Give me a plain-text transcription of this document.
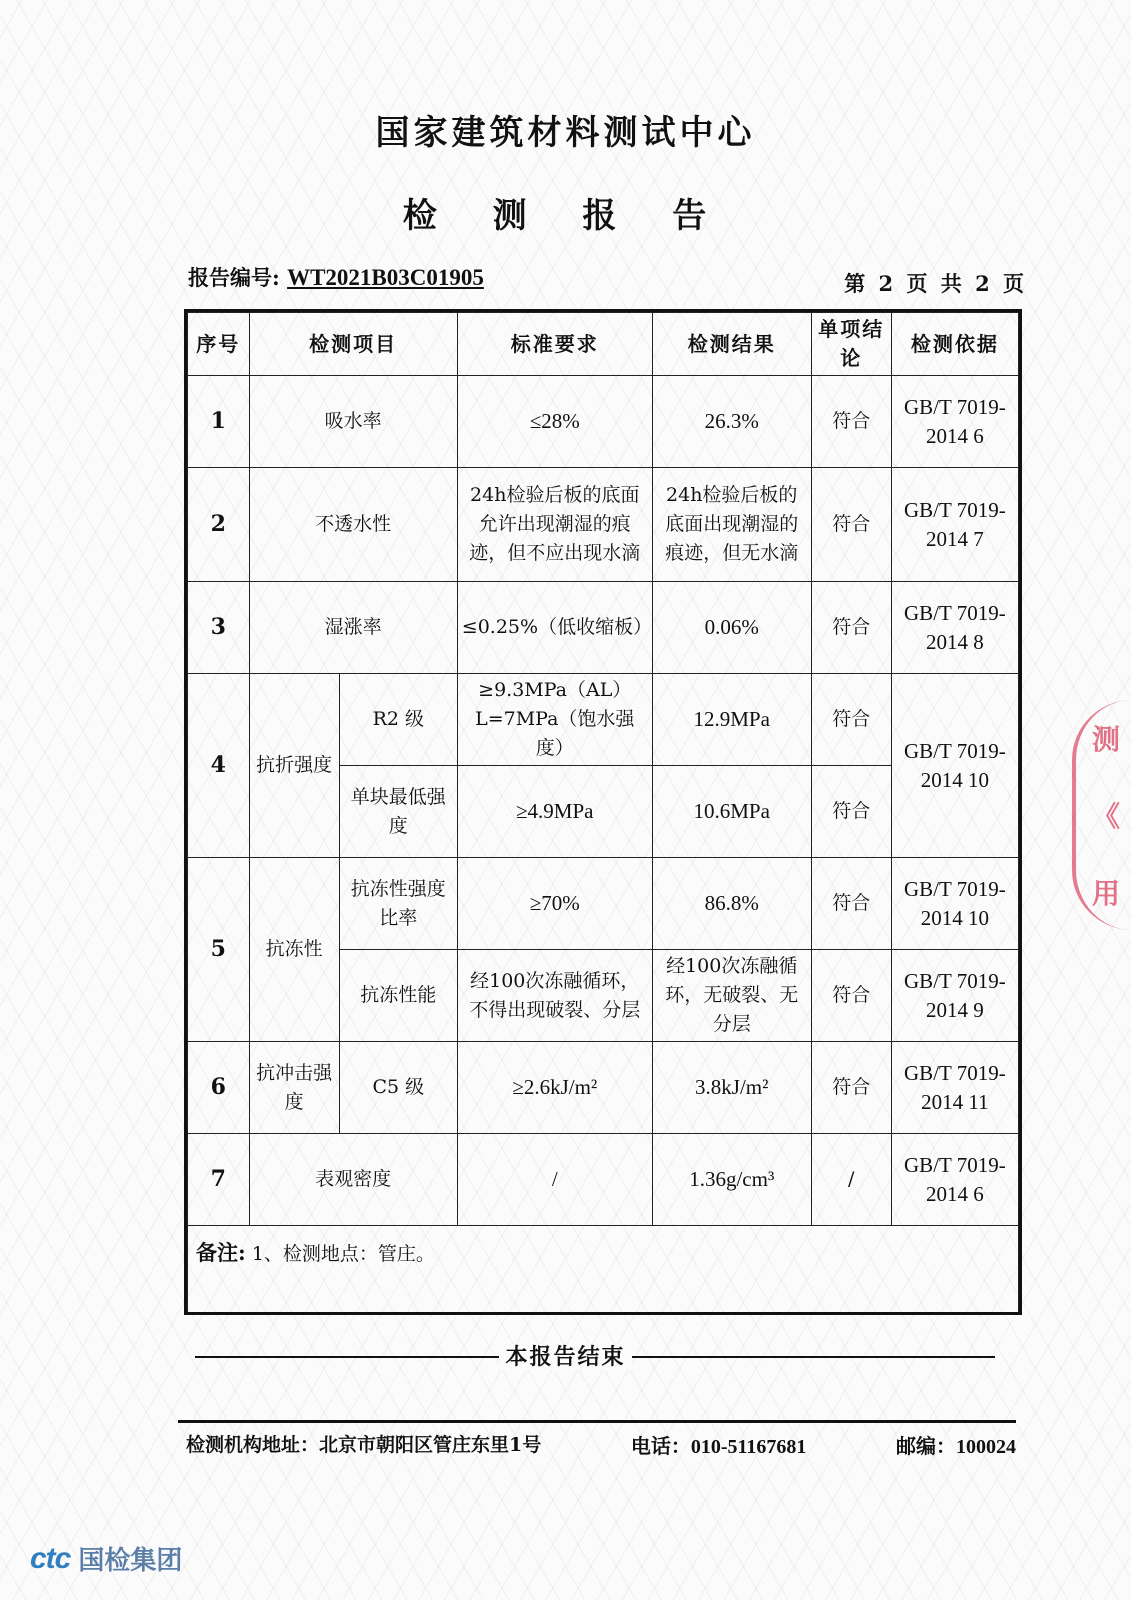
国家建筑材料测试中心
检 测 报 告
报告编号: WT2021B03C01905	第 2 页 共 2 页
序号	检测项目		标准要求	检测结果	单项结论	检测依据
1	吸水率		≤28%	26.3%	符合	GB/T 7019-2014 6
2	不透水性		24h检验后板的底面允许出现潮湿的痕迹，但不应出现水滴	24h检验后板的底面出现潮湿的痕迹，但无水滴	符合	GB/T 7019-2014 7
3	湿涨率		≤0.25%（低收缩板）	0.06%	符合	GB/T 7019-2014 8
4	抗折强度	R2 级	≥9.3MPa（AL）L=7MPa（饱水强度）	12.9MPa	符合	GB/T 7019-2014 10
		单块最低强度	≥4.9MPa	10.6MPa	符合	
5	抗冻性	抗冻性强度比率	≥70%	86.8%	符合	GB/T 7019-2014 10
		抗冻性能	经100次冻融循环，不得出现破裂、分层	经100次冻融循环，无破裂、无分层	符合	GB/T 7019-2014 9
6	抗冲击强度	C5 级	≥2.6kJ/m²	3.8kJ/m²	符合	GB/T 7019-2014 11
7	表观密度		/	1.36g/cm³	/	GB/T 7019-2014 6
备注: 1、检测地点：管庄。						
本报告结束
检测机构地址：北京市朝阳区管庄东里1号	电话：010-51167681	邮编：100024
测
《
用
ctc 国检集团
